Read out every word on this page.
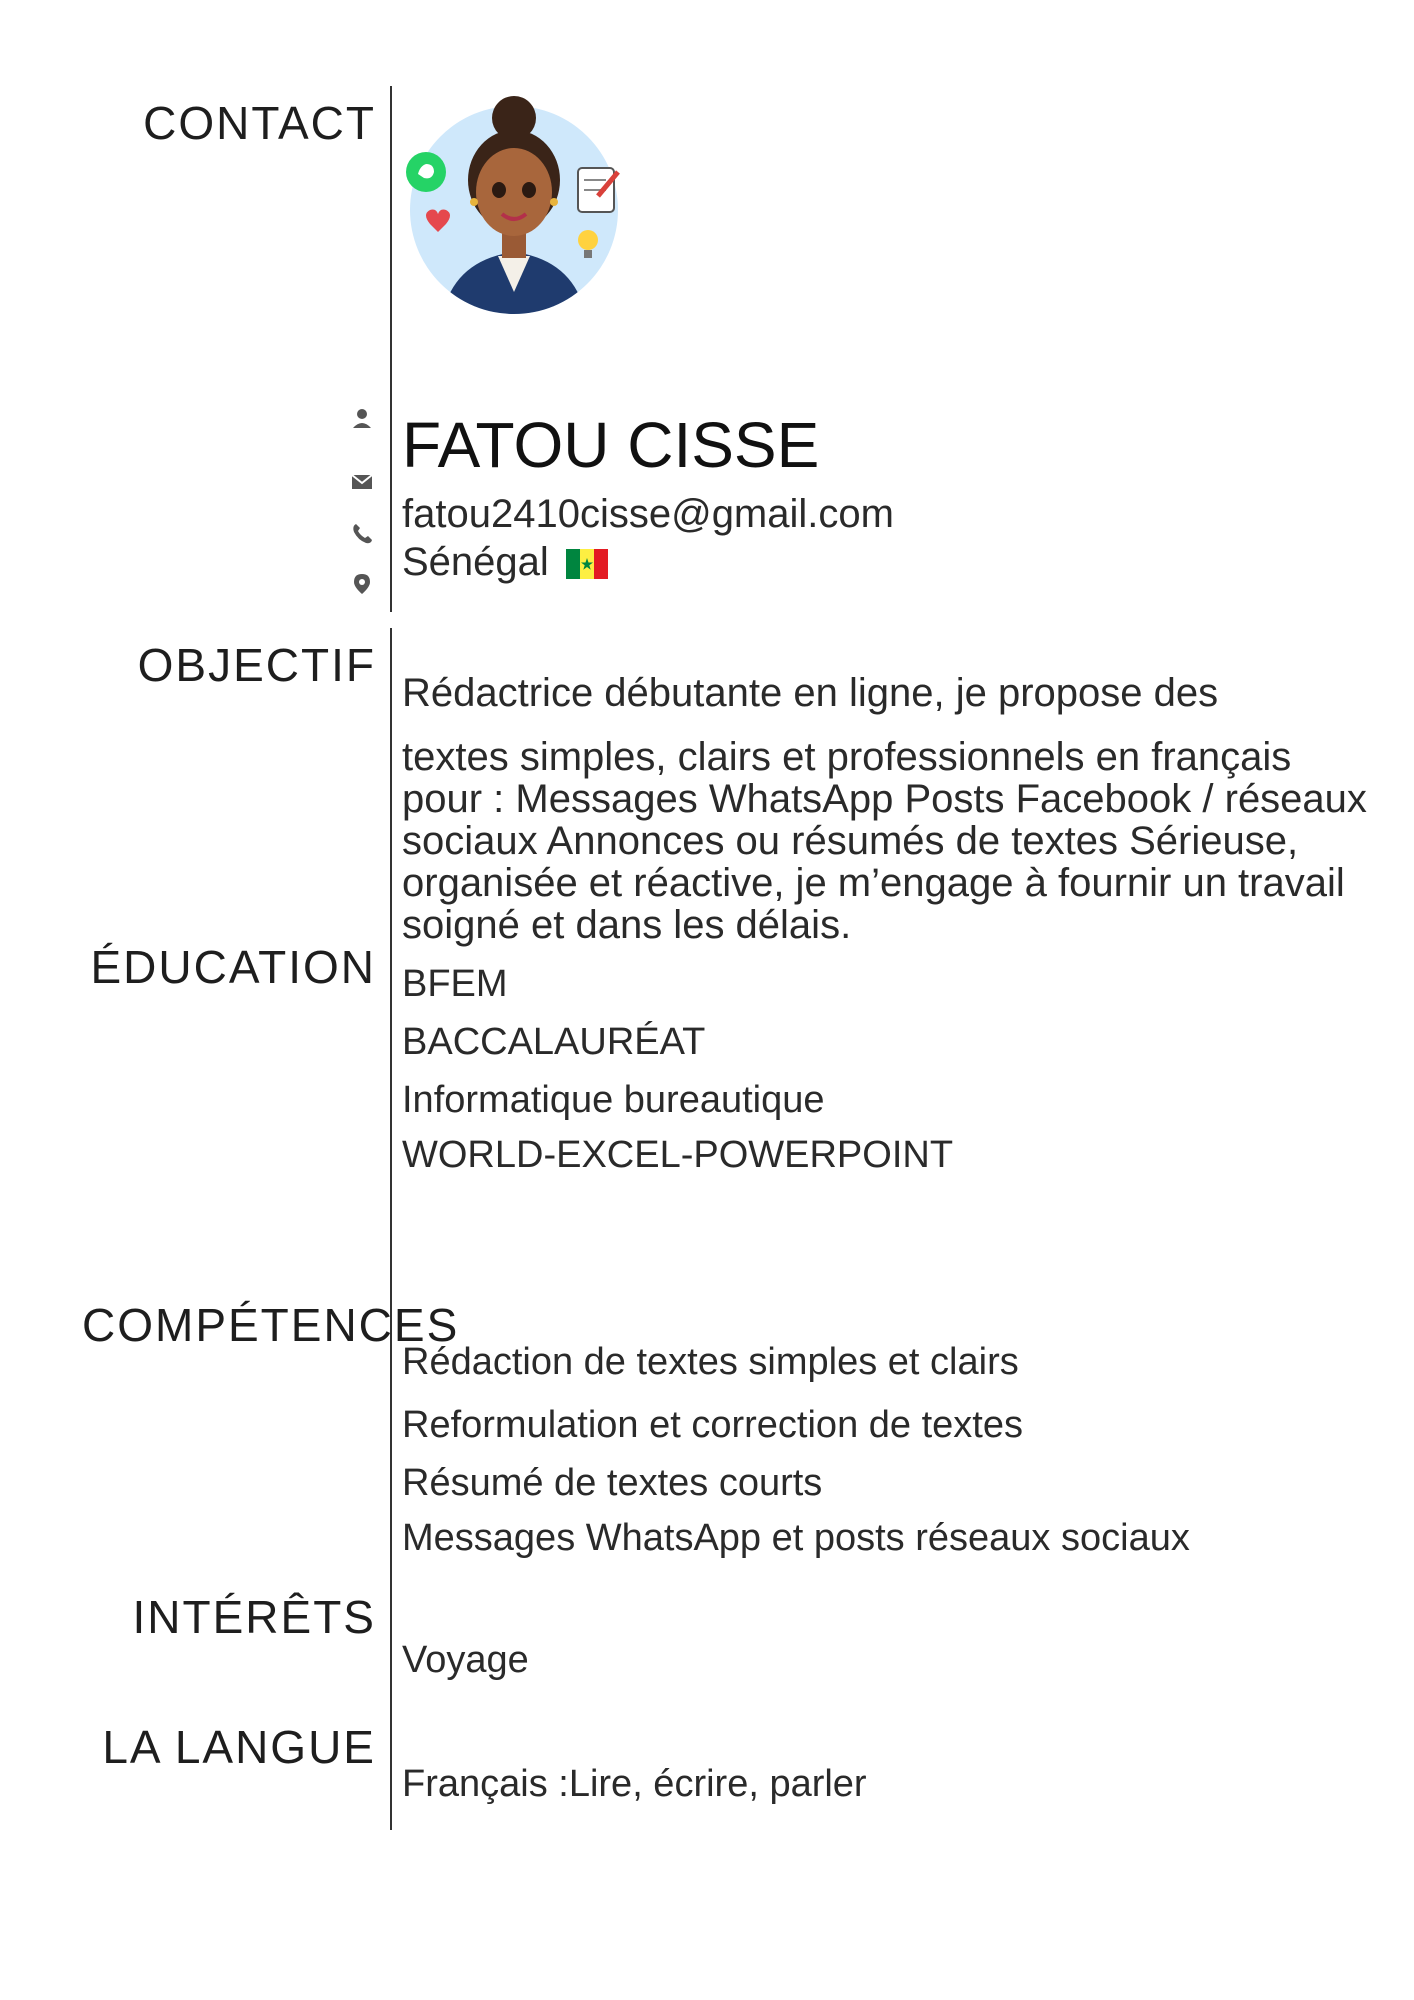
CONTACT
OBJECTIF
ÉDUCATION
COMPÉTENCES
INTÉRÊTS
LA LANGUE
FATOU CISSE
fatou2410cisse@gmail.com
Sénégal
Rédactrice débutante en ligne, je propose des
textes simples, clairs et professionnels en français pour : Messages WhatsApp Posts Facebook / réseaux sociaux Annonces ou résumés de textes Sérieuse, organisée et réactive, je m’engage à fournir un travail soigné et dans les délais.
BFEM
BACCALAURÉAT
Informatique bureautique
WORLD-EXCEL-POWERPOINT
Rédaction de textes simples et clairs
Reformulation et correction de textes
Résumé de textes courts
Messages WhatsApp et posts réseaux sociaux
Voyage
Français :Lire, écrire, parler
